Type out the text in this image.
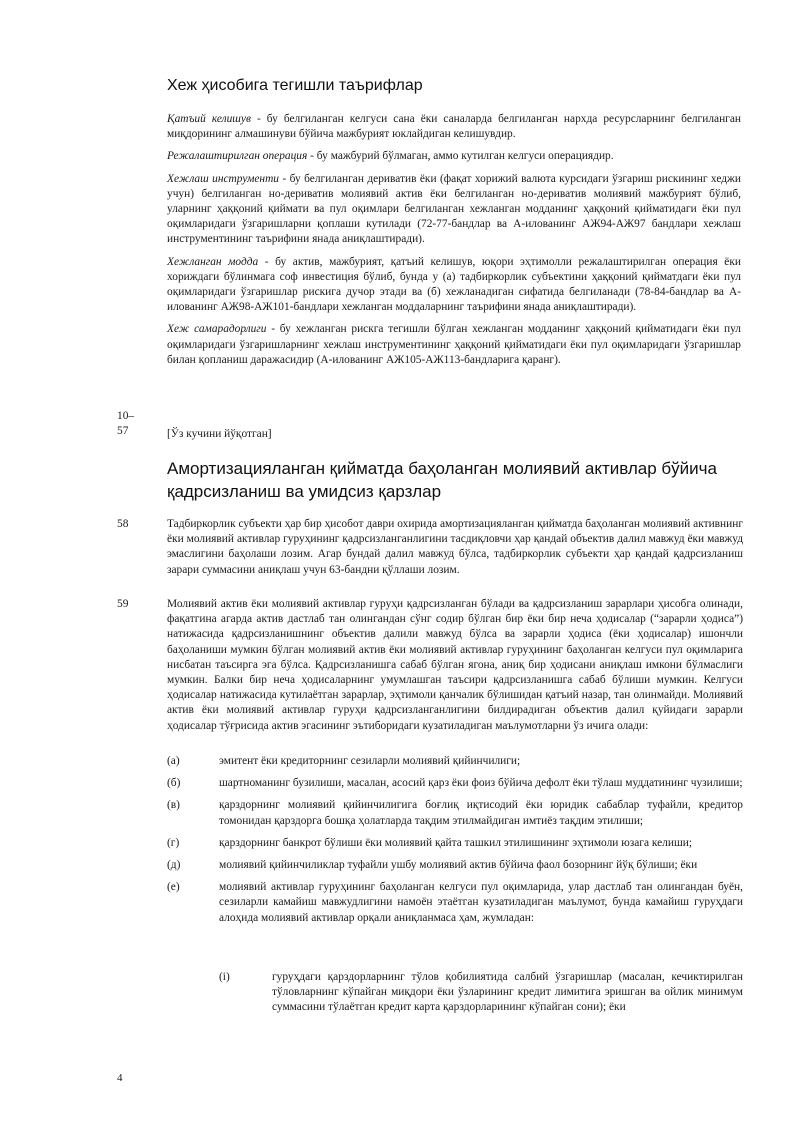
Хеж ҳисобига тегишли таърифлар

Қатъий келишув - бу белгиланган келгуси сана ёки саналарда белгиланган нархда ресурсларнинг белгиланган миқдорининг алмашинуви бўйича мажбурият юклайдиган келишувдир.

Режалаштирилган операция - бу мажбурий бўлмаган, аммо кутилган келгуси операциядир.

Хежлаш инструменти - бу белгиланган дериватив ёки (фақат хорижий валюта курсидаги ўзгариш рискининг хеджи учун) белгиланган но-дериватив молиявий актив ёки белгиланган но-дериватив молиявий мажбурият бўлиб, уларнинг ҳаққоний қиймати ва пул оқимлари белгиланган хежланган модданинг ҳаққоний қийматидаги ёки пул оқимларидаги ўзгаришларни қоплаши кутилади (72-77-бандлар ва А-илованинг АЖ94-АЖ97 бандлари хежлаш инструментининг таърифини янада аниқлаштиради).

Хежланган модда - бу актив, мажбурият, қатъий келишув, юқори эҳтимолли режалаштирилган операция ёки хориждаги бўлинмага соф инвестиция бўлиб, бунда у (а) тадбиркорлик субъектини ҳаққоний қийматдаги ёки пул оқимларидаги ўзгаришлар рискига дучор этади ва (б) хежланадиган сифатида белгиланади (78-84-бандлар ва А-илованинг АЖ98-АЖ101-бандлари хежланган моддаларнинг таърифини янада аниқлаштиради).

Хеж самарадорлиги - бу хежланган рискга тегишли бўлган хежланган модданинг ҳаққоний қийматидаги ёки пул оқимларидаги ўзгаришларнинг хежлаш инструментининг ҳаққоний қийматидаги ёки пул оқимларидаги ўзгаришлар билан қопланиш даражасидир (А-илованинг АЖ105-АЖ113-бандларига қаранг).

10–
57	[Ўз кучини йўқотган]
Амортизацияланган қийматда баҳоланган молиявий активлар бўйича қадрсизланиш ва умидсиз қарзлар
58	Тадбиркорлик субъекти ҳар бир ҳисобот даври охирида амортизацияланган қийматда баҳоланган молиявий активнинг ёки молиявий активлар гуруҳининг қадрсизланганлигини тасдиқловчи ҳар қандай объектив далил мавжуд ёки мавжуд эмаслигини баҳолаши лозим. Агар бундай далил мавжуд бўлса, тадбиркорлик субъекти ҳар қандай қадрсизланиш зарари суммасини аниқлаш учун 63-бандни қўллаши лозим.
59	Молиявий актив ёки молиявий активлар гуруҳи қадрсизланган бўлади ва қадрсизланиш зарарлари ҳисобга олинади, фақатгина агарда актив дастлаб тан олингандан сўнг содир бўлган бир ёки бир неча ҳодисалар (“зарарли ҳодиса”) натижасида қадрсизланишнинг объектив далили мавжуд бўлса ва зарарли ҳодиса (ёки ҳодисалар) ишончли баҳоланиши мумкин бўлган молиявий актив ёки молиявий активлар гуруҳининг баҳоланган келгуси пул оқимларига нисбатан таъсирга эга бўлса. Қадрсизланишга сабаб бўлган ягона, аниқ бир ҳодисани аниқлаш имкони бўлмаслиги мумкин. Балки бир неча ҳодисаларнинг умумлашган таъсири қадрсизланишга сабаб бўлиши мумкин. Келгуси ҳодисалар натижасида кутилаётган зарарлар, эҳтимоли қанчалик бўлишидан қатъий назар, тан олинмайди. Молиявий актив ёки молиявий активлар гуруҳи қадрсизланганлигини билдирадиган объектив далил қуйидаги зарарли ҳодисалар тўғрисида актив эгасининг эътиборидаги кузатиладиган маълумотларни ўз ичига олади:
(а)	эмитент ёки кредиторнинг сезиларли молиявий қийинчилиги;
(б)	шартноманинг бузилиши, масалан, асосий қарз ёки фоиз бўйича дефолт ёки тўлаш муддатининг чузилиши;
(в)	қарздорнинг молиявий қийинчилигига боғлиқ иқтисодий ёки юридик сабаблар туфайли, кредитор томонидан қарздорга бошқа ҳолатларда тақдим этилмайдиган имтиёз тақдим этилиши;
(г)	қарздорнинг банкрот бўлиши ёки молиявий қайта ташкил этилишининг эҳтимоли юзага келиши;
(д)	молиявий қийинчиликлар туфайли ушбу молиявий актив бўйича фаол бозорнинг йўқ бўлиши; ёки
(е)	молиявий активлар гуруҳининг баҳоланган келгуси пул оқимларида, улар дастлаб тан олингандан буён, сезиларли камайиш мавжудлигини намоён этаётган кузатиладиган маълумот, бунда камайиш гуруҳдаги алоҳида молиявий активлар орқали аниқланмаса ҳам, жумладан:
(i)	гуруҳдаги қарздорларнинг тўлов қобилиятида салбий ўзгаришлар (масалан, кечиктирилган тўловларнинг кўпайган миқдори ёки ўзларининг кредит лимитига эришган ва ойлик минимум суммасини тўлаётган кредит карта қарздорларининг кўпайган сони); ёки
4
